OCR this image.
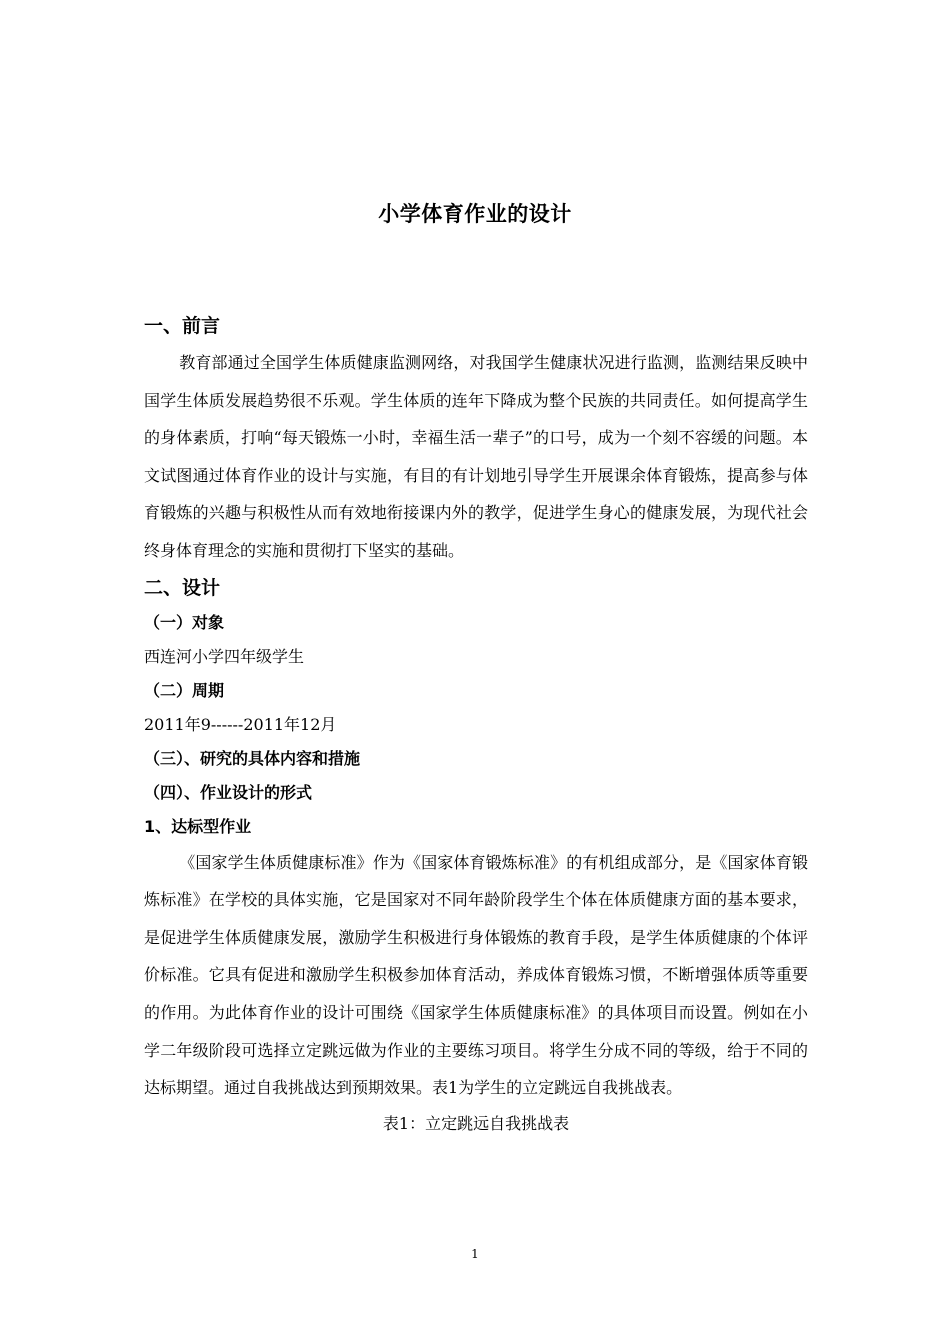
小学体育作业的设计

一、前言

教育部通过全国学生体质健康监测网络，对我国学生健康状况进行监测，监测结果反映中国学生体质发展趋势很不乐观。学生体质的连年下降成为整个民族的共同责任。如何提高学生的身体素质，打响“每天锻炼一小时，幸福生活一辈子”的口号，成为一个刻不容缓的问题。本文试图通过体育作业的设计与实施，有目的有计划地引导学生开展课余体育锻炼，提高参与体育锻炼的兴趣与积极性从而有效地衔接课内外的教学，促进学生身心的健康发展，为现代社会终身体育理念的实施和贯彻打下坚实的基础。

二、设计

（一）对象

西连河小学四年级学生

（二）周期

2011年9------2011年12月

（三）、研究的具体内容和措施

（四）、作业设计的形式

1、达标型作业

《国家学生体质健康标准》作为《国家体育锻炼标准》的有机组成部分，是《国家体育锻炼标准》在学校的具体实施，它是国家对不同年龄阶段学生个体在体质健康方面的基本要求，是促进学生体质健康发展，激励学生积极进行身体锻炼的教育手段，是学生体质健康的个体评价标准。它具有促进和激励学生积极参加体育活动，养成体育锻炼习惯，不断增强体质等重要的作用。为此体育作业的设计可围绕《国家学生体质健康标准》的具体项目而设置。例如在小学二年级阶段可选择立定跳远做为作业的主要练习项目。将学生分成不同的等级，给于不同的达标期望。通过自我挑战达到预期效果。表1为学生的立定跳远自我挑战表。

表1：立定跳远自我挑战表

1
